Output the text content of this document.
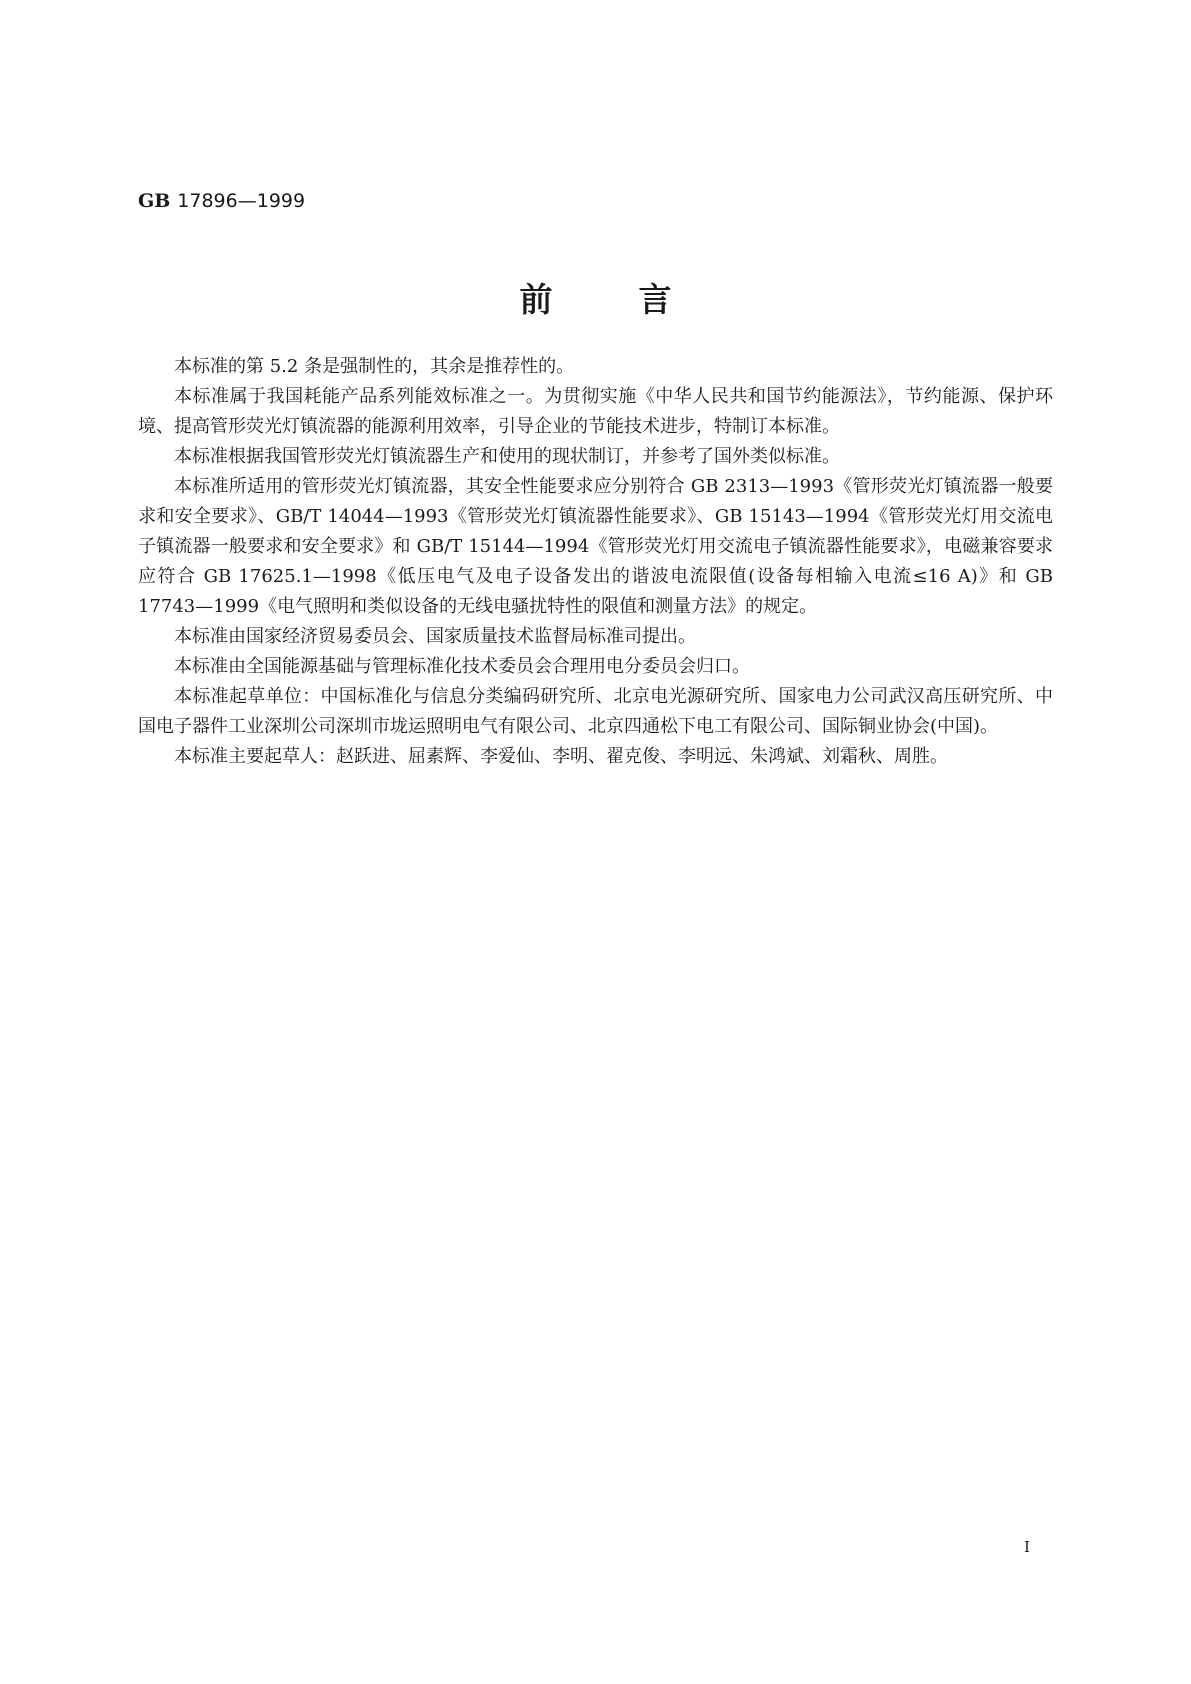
GB 17896—1999
前	言

本标准的第 5.2 条是强制性的，其余是推荐性的。

本标准属于我国耗能产品系列能效标准之一。为贯彻实施《中华人民共和国节约能源法》，节约能源、保护环境、提高管形荧光灯镇流器的能源利用效率，引导企业的节能技术进步，特制订本标准。

本标准根据我国管形荧光灯镇流器生产和使用的现状制订，并参考了国外类似标准。

本标准所适用的管形荧光灯镇流器，其安全性能要求应分别符合 GB 2313—1993《管形荧光灯镇流器一般要求和安全要求》、GB/T 14044—1993《管形荧光灯镇流器性能要求》、GB 15143—1994《管形荧光灯用交流电子镇流器一般要求和安全要求》和 GB/T 15144—1994《管形荧光灯用交流电子镇流器性能要求》，电磁兼容要求应符合 GB 17625.1—1998《低压电气及电子设备发出的谐波电流限值(设备每相输入电流≤16 A)》和 GB 17743—1999《电气照明和类似设备的无线电骚扰特性的限值和测量方法》的规定。

本标准由国家经济贸易委员会、国家质量技术监督局标准司提出。

本标准由全国能源基础与管理标准化技术委员会合理用电分委员会归口。

本标准起草单位：中国标准化与信息分类编码研究所、北京电光源研究所、国家电力公司武汉高压研究所、中国电子器件工业深圳公司深圳市垅运照明电气有限公司、北京四通松下电工有限公司、国际铜业协会(中国)。

本标准主要起草人：赵跃进、屈素辉、李爱仙、李明、翟克俊、李明远、朱鸿斌、刘霜秋、周胜。

I
